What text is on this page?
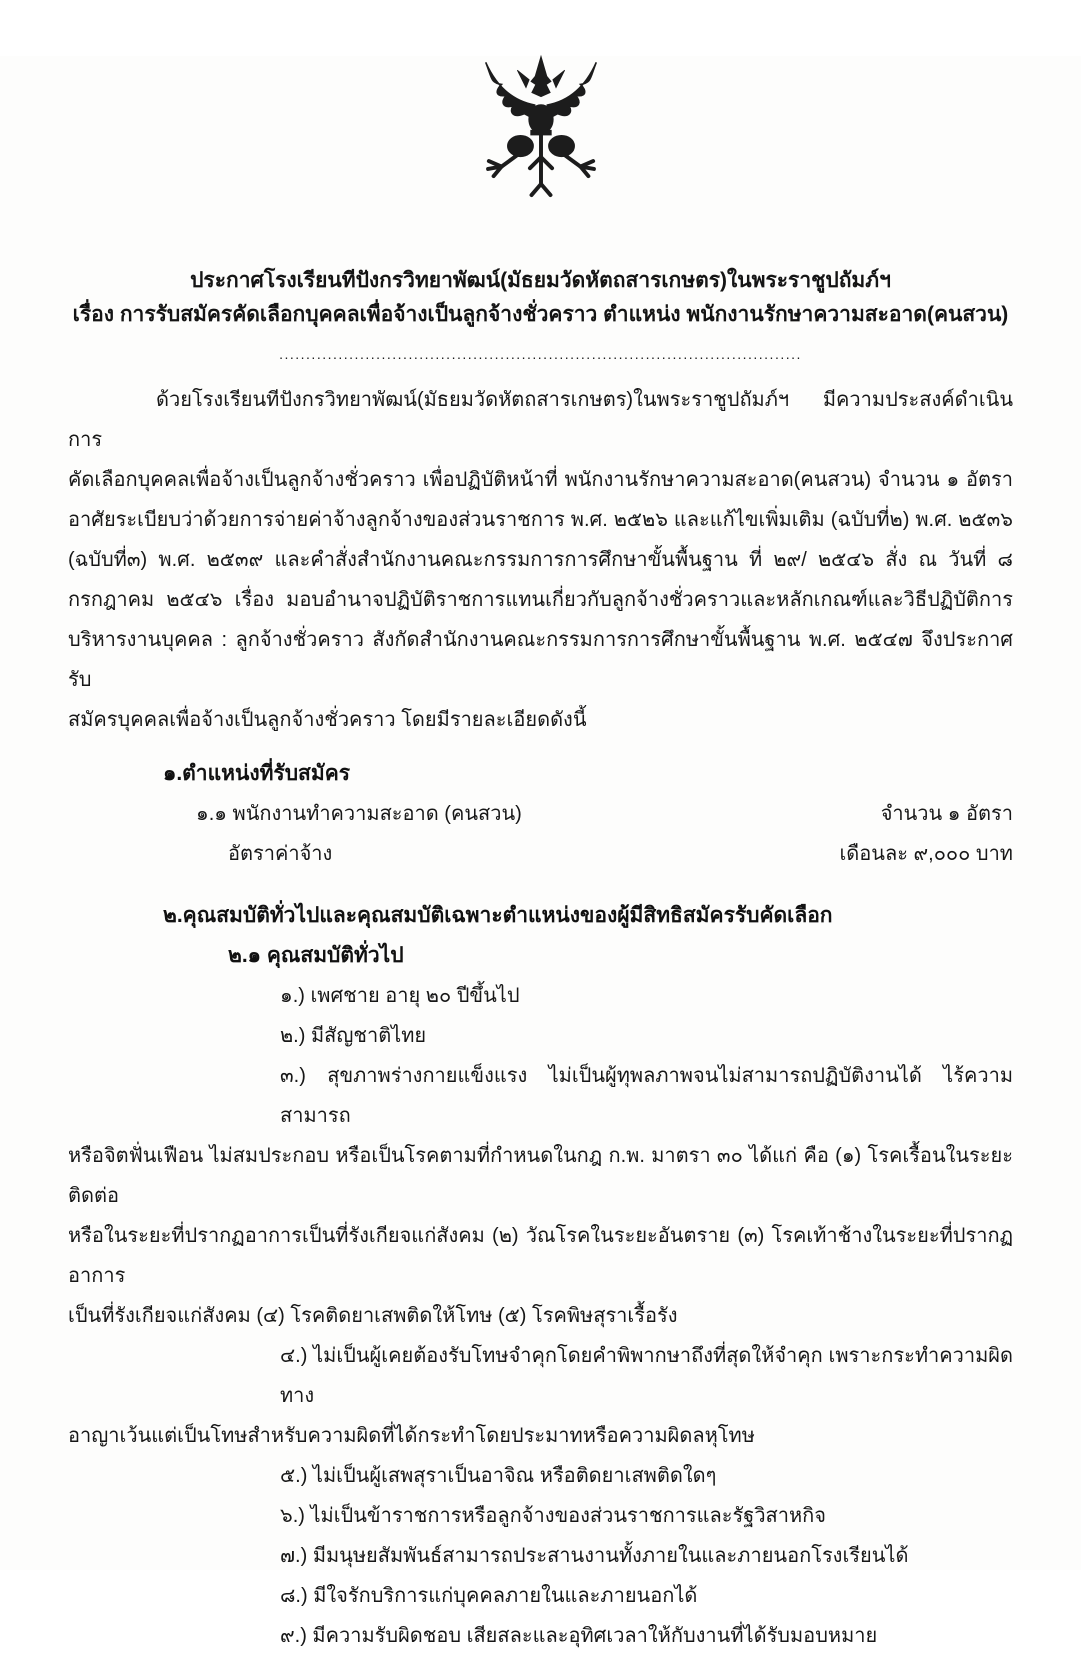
ประกาศโรงเรียนทีปังกรวิทยาพัฒน์(มัธยมวัดหัตถสารเกษตร)ในพระราชูปถัมภ์ฯ
เรื่อง การรับสมัครคัดเลือกบุคคลเพื่อจ้างเป็นลูกจ้างชั่วคราว ตำแหน่ง พนักงานรักษาความสะอาด(คนสวน)
.................................................................................................
ด้วยโรงเรียนทีปังกรวิทยาพัฒน์(มัธยมวัดหัตถสารเกษตร)ในพระราชูปถัมภ์ฯ มีความประสงค์ดำเนินการ
คัดเลือกบุคคลเพื่อจ้างเป็นลูกจ้างชั่วคราว เพื่อปฏิบัติหน้าที่ พนักงานรักษาความสะอาด(คนสวน) จำนวน ๑ อัตรา
อาศัยระเบียบว่าด้วยการจ่ายค่าจ้างลูกจ้างของส่วนราชการ พ.ศ. ๒๕๒๖ และแก้ไขเพิ่มเติม (ฉบับที่๒) พ.ศ. ๒๕๓๖
(ฉบับที่๓) พ.ศ. ๒๕๓๙ และคำสั่งสำนักงานคณะกรรมการการศึกษาขั้นพื้นฐาน ที่ ๒๙/ ๒๕๔๖ สั่ง ณ วันที่ ๘
กรกฎาคม ๒๕๔๖ เรื่อง มอบอำนาจปฏิบัติราชการแทนเกี่ยวกับลูกจ้างชั่วคราวและหลักเกณฑ์และวิธีปฏิบัติการ
บริหารงานบุคคล : ลูกจ้างชั่วคราว สังกัดสำนักงานคณะกรรมการการศึกษาขั้นพื้นฐาน พ.ศ. ๒๕๔๗ จึงประกาศรับ
สมัครบุคคลเพื่อจ้างเป็นลูกจ้างชั่วคราว โดยมีรายละเอียดดังนี้
๑.ตำแหน่งที่รับสมัคร
๑.๑ พนักงานทำความสะอาด (คนสวน)	จำนวน ๑ อัตรา
อัตราค่าจ้าง	เดือนละ ๙,๐๐๐ บาท
๒.คุณสมบัติทั่วไปและคุณสมบัติเฉพาะตำแหน่งของผู้มีสิทธิสมัครรับคัดเลือก
๒.๑ คุณสมบัติทั่วไป
๑.) เพศชาย อายุ ๒๐ ปีขึ้นไป
๒.) มีสัญชาติไทย
๓.) สุขภาพร่างกายแข็งแรง ไม่เป็นผู้ทุพลภาพจนไม่สามารถปฏิบัติงานได้ ไร้ความสามารถ
หรือจิตฟั่นเฟือน ไม่สมประกอบ หรือเป็นโรคตามที่กำหนดในกฎ ก.พ. มาตรา ๓๐ ได้แก่ คือ (๑) โรคเรื้อนในระยะติดต่อ
หรือในระยะที่ปรากฏอาการเป็นที่รังเกียจแก่สังคม (๒) วัณโรคในระยะอันตราย (๓) โรคเท้าช้างในระยะที่ปรากฏอาการ
เป็นที่รังเกียจแก่สังคม (๔) โรคติดยาเสพติดให้โทษ (๕) โรคพิษสุราเรื้อรัง
๔.) ไม่เป็นผู้เคยต้องรับโทษจำคุกโดยคำพิพากษาถึงที่สุดให้จำคุก เพราะกระทำความผิดทาง
อาญาเว้นแต่เป็นโทษสำหรับความผิดที่ได้กระทำโดยประมาทหรือความผิดลหุโทษ
๕.) ไม่เป็นผู้เสพสุราเป็นอาจิณ หรือติดยาเสพติดใดๆ
๖.) ไม่เป็นข้าราชการหรือลูกจ้างของส่วนราชการและรัฐวิสาหกิจ
๗.) มีมนุษยสัมพันธ์สามารถประสานงานทั้งภายในและภายนอกโรงเรียนได้
๘.) มีใจรักบริการแก่บุคคลภายในและภายนอกได้
๙.) มีความรับผิดชอบ เสียสละและอุทิศเวลาให้กับงานที่ได้รับมอบหมาย
